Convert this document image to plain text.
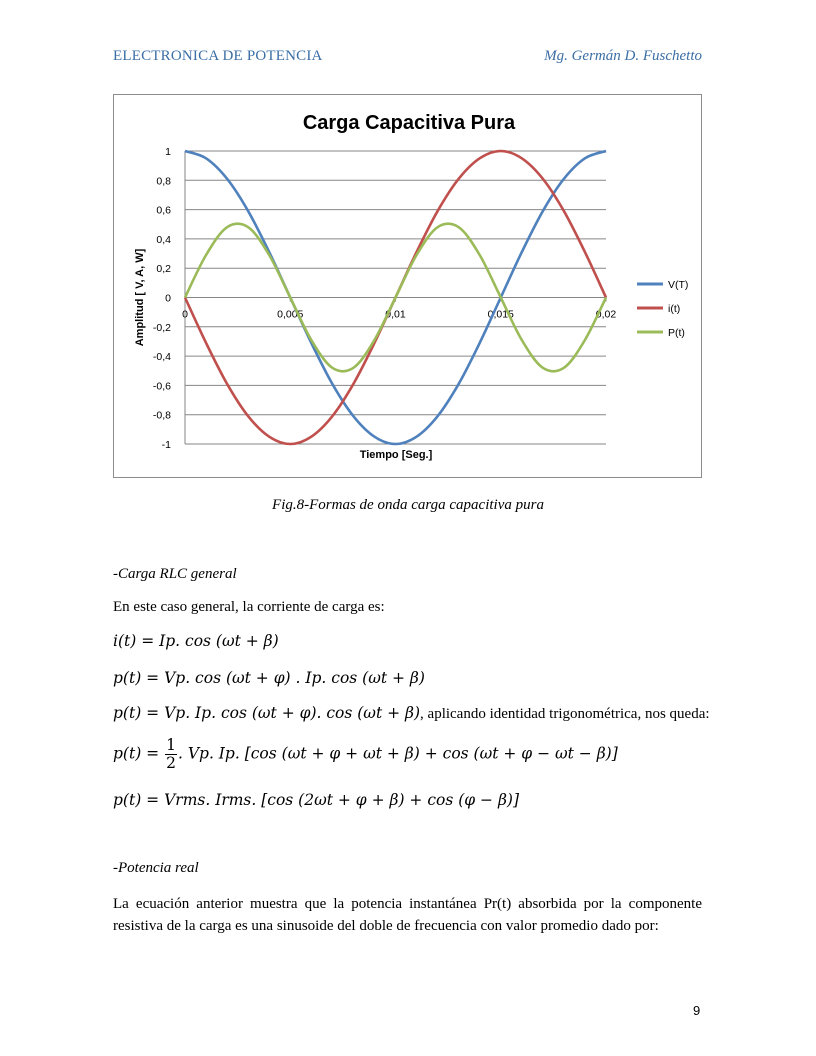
ELECTRONICA DE POTENCIA	Mg. Germán D. Fuschetto
Carga Capacitiva Pura
1
0,8
0,6
0,4
0,2
0
-0,2
-0,4
-0,6
-0,8
-1
0	0,005	0,01	0,015	0,02
Tiempo [Seg.]
Amplitud [ V, A, W]	V(T)
i(t)
P(t)
Fig.8-Formas de onda carga capacitiva pura
-Carga RLC general
En este caso general, la corriente de carga es:
i(t) = Ip. cos (ωt + β)
p(t) = Vp. cos (ωt + φ) . Ip. cos (ωt + β)
p(t) = Vp. Ip. cos (ωt + φ). cos (ωt + β), aplicando identidad trigonométrica, nos queda:
$p(t) = \frac{1}{2}$ . Vp. Ip. [cos (ωt + φ + ωt + β) + cos (ωt + φ − ωt − β)]
p(t) = Vrms. Irms. [cos (2ωt + φ + β) + cos (φ − β)]
-Potencia real
La ecuación anterior muestra que la potencia instantánea Pr(t) absorbida por la componente resistiva de la carga es una sinusoide del doble de frecuencia con valor promedio dado por:
9
